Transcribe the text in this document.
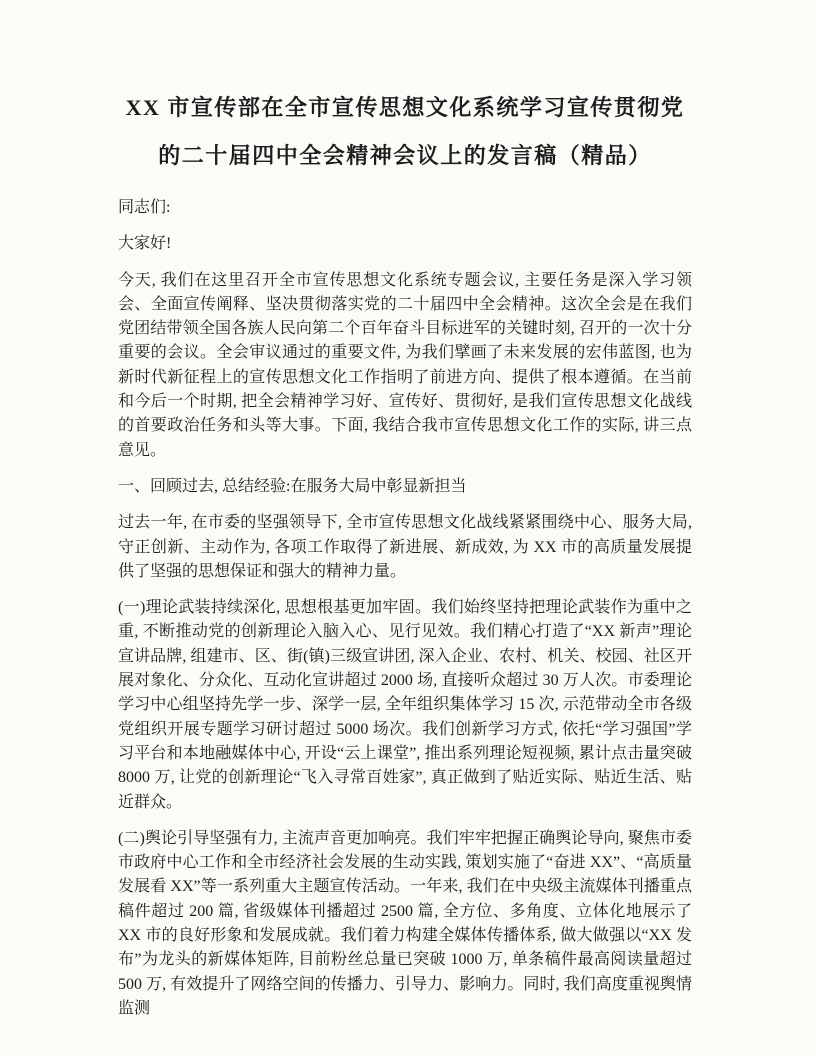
XX 市宣传部在全市宣传思想文化系统学习宣传贯彻党的二十届四中全会精神会议上的发言稿（精品）

同志们:

大家好!

今天, 我们在这里召开全市宣传思想文化系统专题会议, 主要任务是深入学习领会、全面宣传阐释、坚决贯彻落实党的二十届四中全会精神。这次全会是在我们党团结带领全国各族人民向第二个百年奋斗目标进军的关键时刻, 召开的一次十分重要的会议。全会审议通过的重要文件, 为我们擘画了未来发展的宏伟蓝图, 也为新时代新征程上的宣传思想文化工作指明了前进方向、提供了根本遵循。在当前和今后一个时期, 把全会精神学习好、宣传好、贯彻好, 是我们宣传思想文化战线的首要政治任务和头等大事。下面, 我结合我市宣传思想文化工作的实际, 讲三点意见。

一、回顾过去, 总结经验:在服务大局中彰显新担当

过去一年, 在市委的坚强领导下, 全市宣传思想文化战线紧紧围绕中心、服务大局, 守正创新、主动作为, 各项工作取得了新进展、新成效, 为 XX 市的高质量发展提供了坚强的思想保证和强大的精神力量。

(一)理论武装持续深化, 思想根基更加牢固。我们始终坚持把理论武装作为重中之重, 不断推动党的创新理论入脑入心、见行见效。我们精心打造了“XX 新声”理论宣讲品牌, 组建市、区、街(镇)三级宣讲团, 深入企业、农村、机关、校园、社区开展对象化、分众化、互动化宣讲超过 2000 场, 直接听众超过 30 万人次。市委理论学习中心组坚持先学一步、深学一层, 全年组织集体学习 15 次, 示范带动全市各级党组织开展专题学习研讨超过 5000 场次。我们创新学习方式, 依托“学习强国”学习平台和本地融媒体中心, 开设“云上课堂”, 推出系列理论短视频, 累计点击量突破 8000 万, 让党的创新理论“飞入寻常百姓家”, 真正做到了贴近实际、贴近生活、贴近群众。

(二)舆论引导坚强有力, 主流声音更加响亮。我们牢牢把握正确舆论导向, 聚焦市委市政府中心工作和全市经济社会发展的生动实践, 策划实施了“奋进 XX”、“高质量发展看 XX”等一系列重大主题宣传活动。一年来, 我们在中央级主流媒体刊播重点稿件超过 200 篇, 省级媒体刊播超过 2500 篇, 全方位、多角度、立体化地展示了 XX 市的良好形象和发展成就。我们着力构建全媒体传播体系, 做大做强以“XX 发布”为龙头的新媒体矩阵, 目前粉丝总量已突破 1000 万, 单条稿件最高阅读量超过 500 万, 有效提升了网络空间的传播力、引导力、影响力。同时, 我们高度重视舆情监测
